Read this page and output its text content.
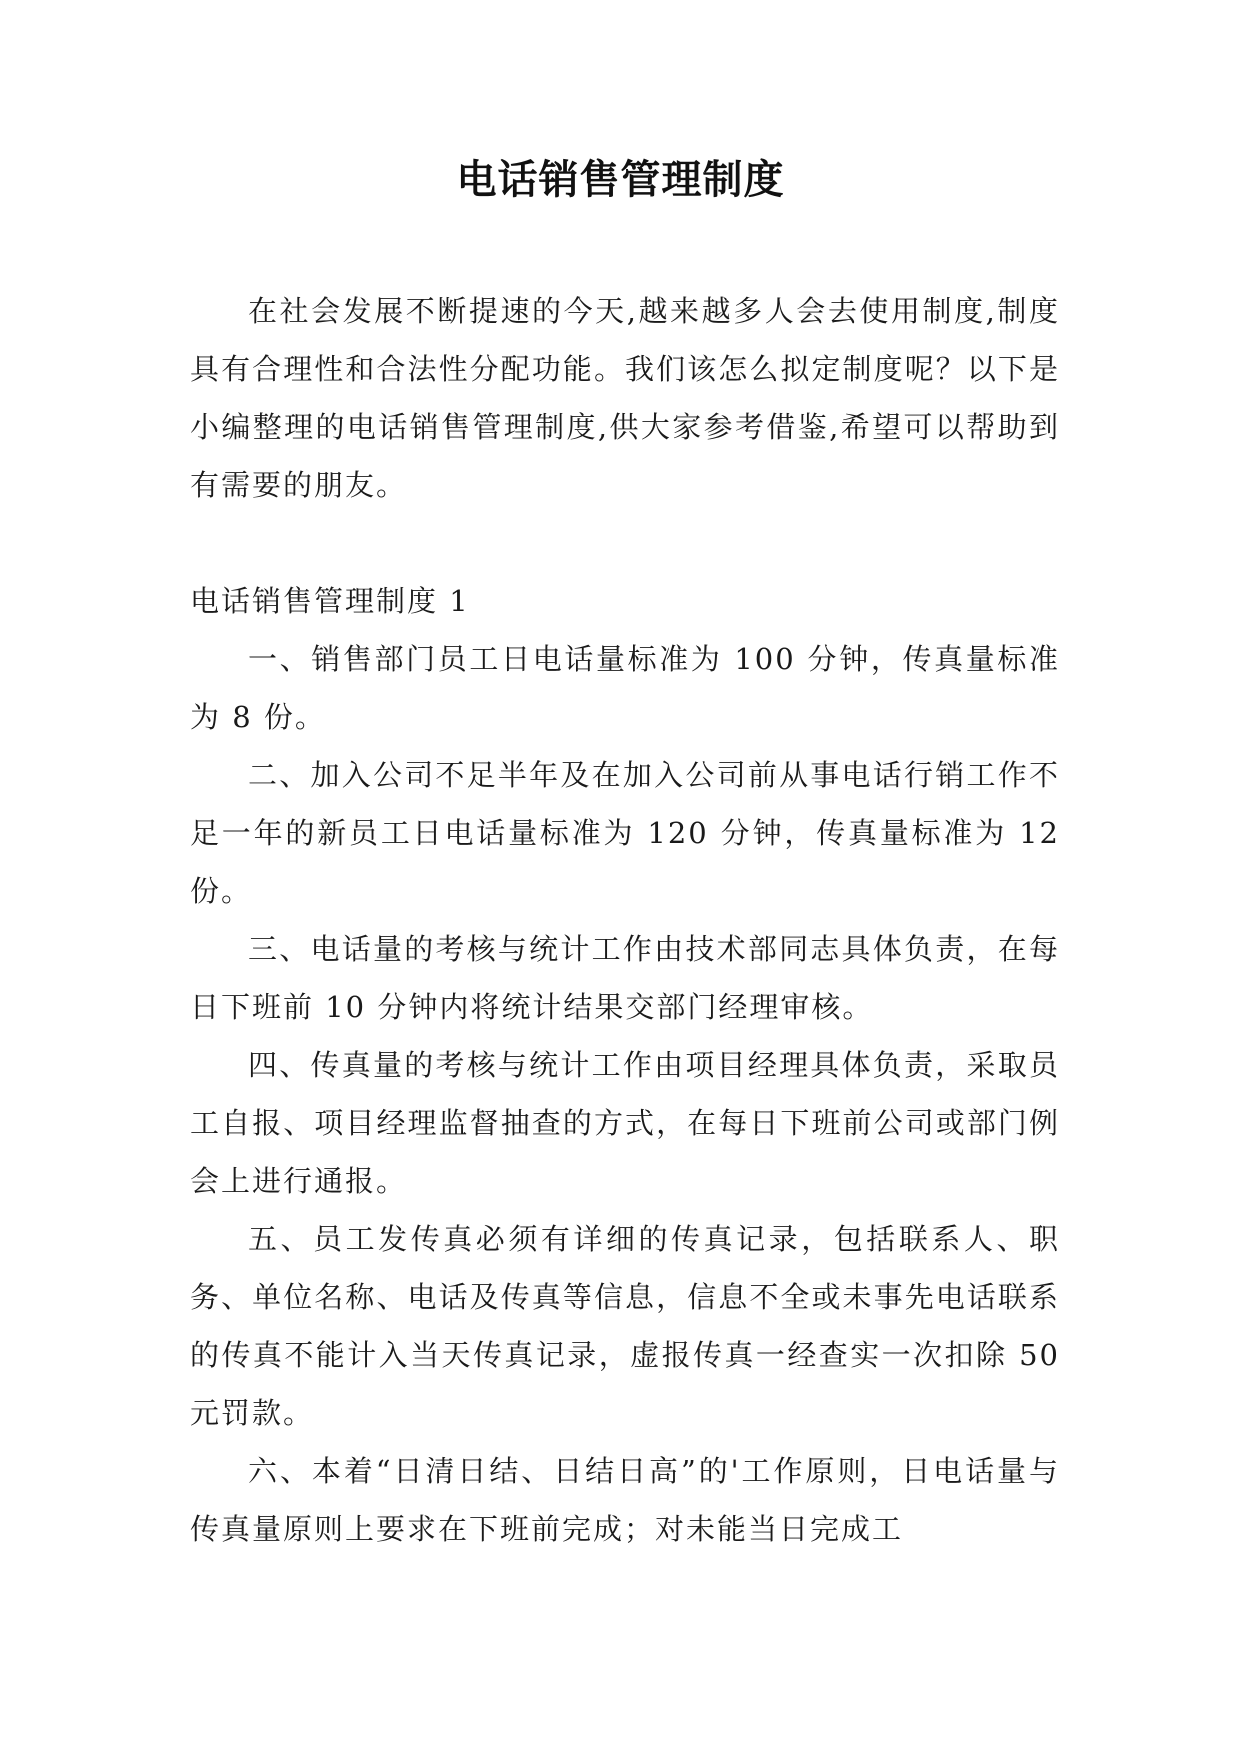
电话销售管理制度

在社会发展不断提速的今天,越来越多人会去使用制度,制度具有合理性和合法性分配功能。我们该怎么拟定制度呢？以下是小编整理的电话销售管理制度,供大家参考借鉴,希望可以帮助到有需要的朋友。

电话销售管理制度 1

一、销售部门员工日电话量标准为 100 分钟，传真量标准为 8 份。

二、加入公司不足半年及在加入公司前从事电话行销工作不足一年的新员工日电话量标准为 120 分钟，传真量标准为 12 份。

三、电话量的考核与统计工作由技术部同志具体负责，在每日下班前 10 分钟内将统计结果交部门经理审核。

四、传真量的考核与统计工作由项目经理具体负责，采取员工自报、项目经理监督抽查的方式，在每日下班前公司或部门例会上进行通报。

五、员工发传真必须有详细的传真记录，包括联系人、职务、单位名称、电话及传真等信息，信息不全或未事先电话联系的传真不能计入当天传真记录，虚报传真一经查实一次扣除 50 元罚款。

六、本着“日清日结、日结日高”的'工作原则，日电话量与传真量原则上要求在下班前完成；对未能当日完成工
